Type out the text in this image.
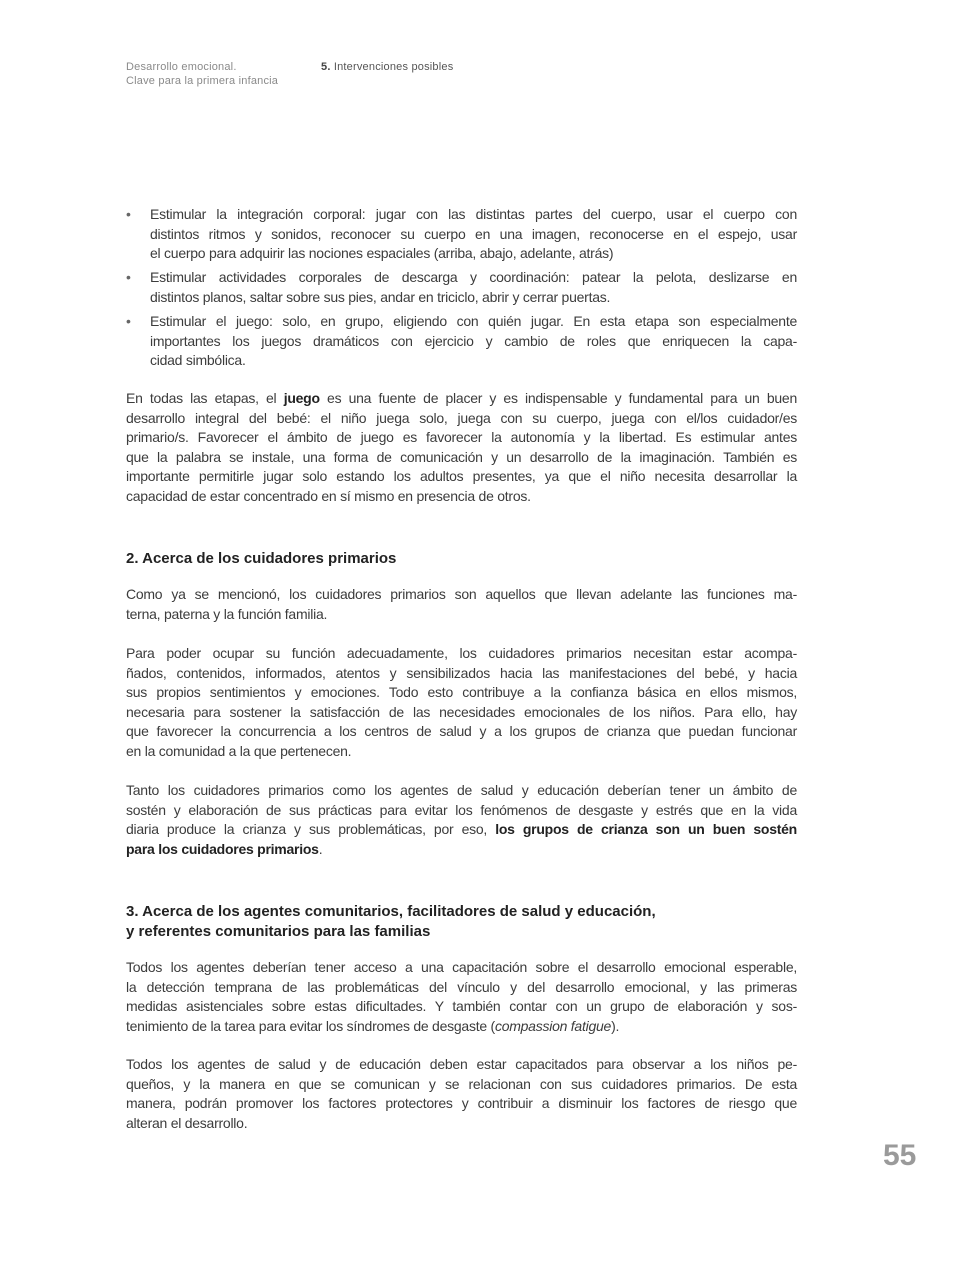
Desarrollo emocional.
Clave para la primera infancia
5. Intervenciones posibles
• Estimular la integración corporal: jugar con las distintas partes del cuerpo, usar el cuerpo con
distintos ritmos y sonidos, reconocer su cuerpo en una imagen, reconocerse en el espejo, usar
el cuerpo para adquirir las nociones espaciales (arriba, abajo, adelante, atrás)
• Estimular actividades corporales de descarga y coordinación: patear la pelota, deslizarse en
distintos planos, saltar sobre sus pies, andar en triciclo, abrir y cerrar puertas.
• Estimular el juego: solo, en grupo, eligiendo con quién jugar. En esta etapa son especialmente
importantes los juegos dramáticos con ejercicio y cambio de roles que enriquecen la capa-
cidad simbólica.
En todas las etapas, el juego es una fuente de placer y es indispensable y fundamental para un buen
desarrollo integral del bebé: el niño juega solo, juega con su cuerpo, juega con el/los cuidador/es
primario/s. Favorecer el ámbito de juego es favorecer la autonomía y la libertad. Es estimular antes
que la palabra se instale, una forma de comunicación y un desarrollo de la imaginación. También es
importante permitirle jugar solo estando los adultos presentes, ya que el niño necesita desarrollar la
capacidad de estar concentrado en sí mismo en presencia de otros.
2. Acerca de los cuidadores primarios
Como ya se mencionó, los cuidadores primarios son aquellos que llevan adelante las funciones ma-
terna, paterna y la función familia.
Para poder ocupar su función adecuadamente, los cuidadores primarios necesitan estar acompa-
ñados, contenidos, informados, atentos y sensibilizados hacia las manifestaciones del bebé, y hacia
sus propios sentimientos y emociones. Todo esto contribuye a la confianza básica en ellos mismos,
necesaria para sostener la satisfacción de las necesidades emocionales de los niños. Para ello, hay
que favorecer la concurrencia a los centros de salud y a los grupos de crianza que puedan funcionar
en la comunidad a la que pertenecen.
Tanto los cuidadores primarios como los agentes de salud y educación deberían tener un ámbito de
sostén y elaboración de sus prácticas para evitar los fenómenos de desgaste y estrés que en la vida
diaria produce la crianza y sus problemáticas, por eso, los grupos de crianza son un buen sostén
para los cuidadores primarios.
3. Acerca de los agentes comunitarios, facilitadores de salud y educación,
y referentes comunitarios para las familias
Todos los agentes deberían tener acceso a una capacitación sobre el desarrollo emocional esperable,
la detección temprana de las problemáticas del vínculo y del desarrollo emocional, y las primeras
medidas asistenciales sobre estas dificultades. Y también contar con un grupo de elaboración y sos-
tenimiento de la tarea para evitar los síndromes de desgaste (compassion fatigue).
Todos los agentes de salud y de educación deben estar capacitados para observar a los niños pe-
queños, y la manera en que se comunican y se relacionan con sus cuidadores primarios. De esta
manera, podrán promover los factores protectores y contribuir a disminuir los factores de riesgo que
alteran el desarrollo.
55
